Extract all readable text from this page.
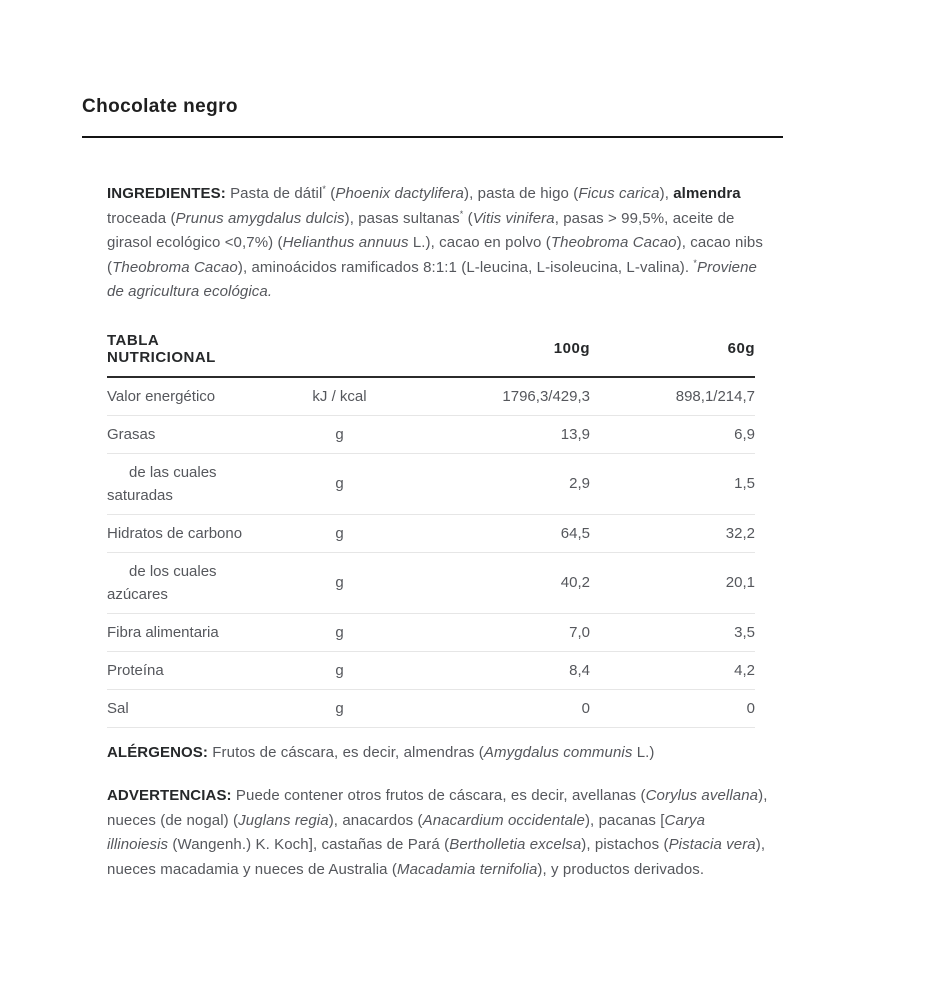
Chocolate negro

INGREDIENTES: Pasta de dátil* (Phoenix dactylifera), pasta de higo (Ficus carica), almendra troceada (Prunus amygdalus dulcis), pasas sultanas* (Vitis vinifera, pasas > 99,5%, aceite de girasol ecológico <0,7%) (Helianthus annuus L.), cacao en polvo (Theobroma Cacao), cacao nibs (Theobroma Cacao), aminoácidos ramificados 8:1:1 (L-leucina, L-isoleucina, L-valina). *Proviene de agricultura ecológica.

TABLA NUTRICIONAL		100g	60g
Valor energético	kJ / kcal	1796,3/429,3	898,1/214,7
Grasas	g	13,9	6,9
de las cuales saturadas	g	2,9	1,5
Hidratos de carbono	g	64,5	32,2
de los cuales azúcares	g	40,2	20,1
Fibra alimentaria	g	7,0	3,5
Proteína	g	8,4	4,2
Sal	g	0	0

ALÉRGENOS: Frutos de cáscara, es decir, almendras (Amygdalus communis L.)

ADVERTENCIAS: Puede contener otros frutos de cáscara, es decir, avellanas (Corylus avellana), nueces (de nogal) (Juglans regia), anacardos (Anacardium occidentale), pacanas [Carya illinoiesis (Wangenh.) K. Koch], castañas de Pará (Bertholletia excelsa), pistachos (Pistacia vera), nueces macadamia y nueces de Australia (Macadamia ternifolia), y productos derivados.
